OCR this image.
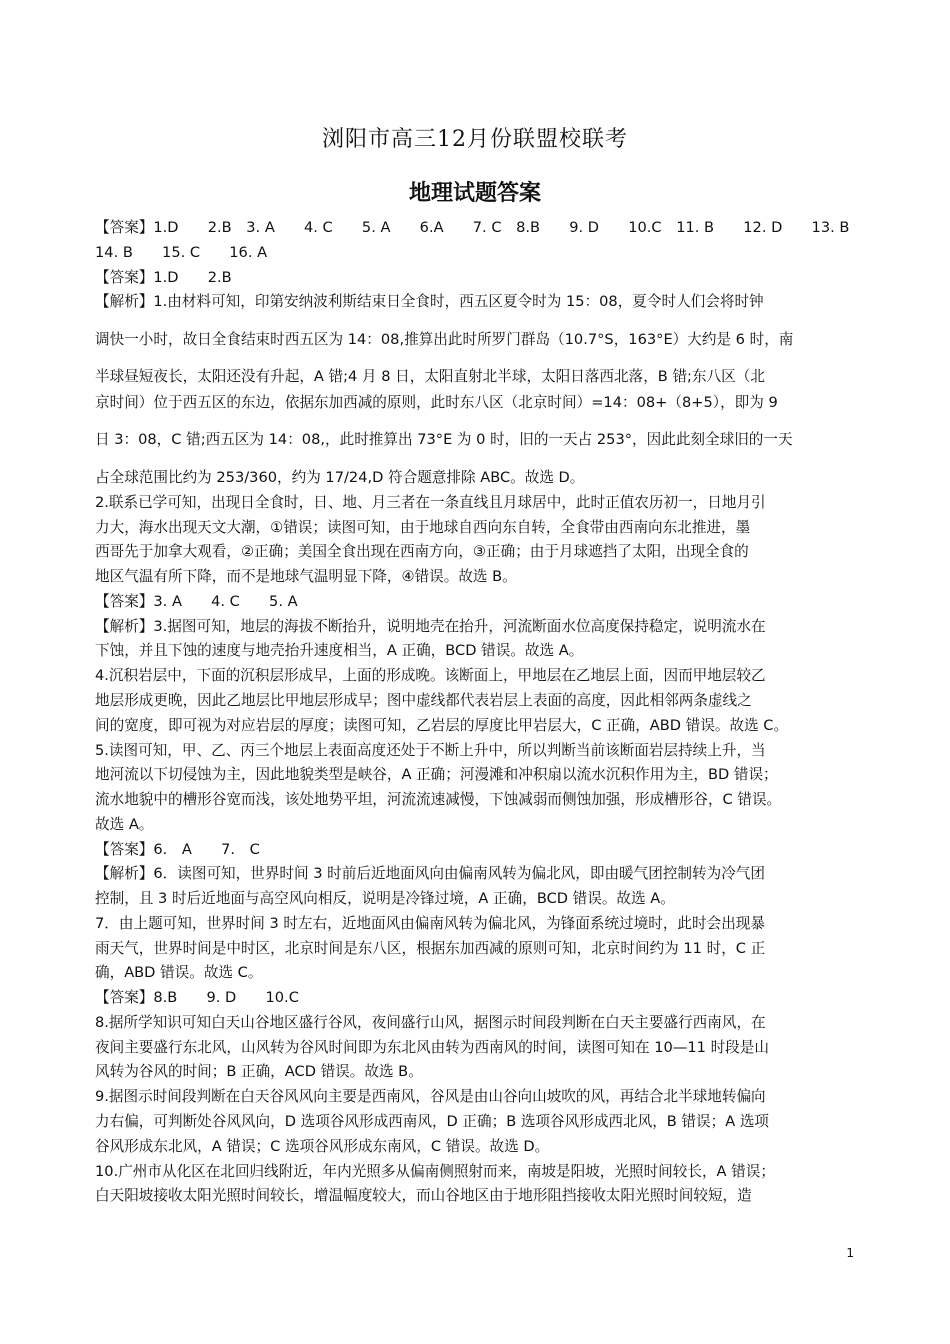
浏阳市高三12月份联盟校联考
地理试题答案
【答案】1.D　　2.B　3. A　　4. C　　5. A　　6.A　　7. C　8.B　　9. D　　10.C　11. B　　12. D　　13. B
14. B　　15. C　　16. A
【答案】1.D　　2.B
【解析】1.由材料可知，印第安纳波利斯结束日全食时，西五区夏令时为 15：08，夏令时人们会将时钟
调快一小时，故日全食结束时西五区为 14：08,推算出此时所罗门群岛（10.7°S，163°E）大约是 6 时，南
半球昼短夜长，太阳还没有升起，A 错;4 月 8 日，太阳直射北半球，太阳日落西北落，B 错;东八区（北
京时间）位于西五区的东边，依据东加西减的原则，此时东八区（北京时间）=14：08+（8+5），即为 9
日 3：08，C 错;西五区为 14：08,，此时推算出 73°E 为 0 时，旧的一天占 253°，因此此刻全球旧的一天
占全球范围比约为 253/360，约为 17/24,D 符合题意排除 ABC。故选 D。
2.联系已学可知，出现日全食时，日、地、月三者在一条直线且月球居中，此时正值农历初一，日地月引
力大，海水出现天文大潮，①错误；读图可知，由于地球自西向东自转，全食带由西南向东北推进，墨
西哥先于加拿大观看，②正确；美国全食出现在西南方向，③正确；由于月球遮挡了太阳，出现全食的
地区气温有所下降，而不是地球气温明显下降，④错误。故选 B。
【答案】3. A　　4. C　　5. A
【解析】3.据图可知，地层的海拔不断抬升，说明地壳在抬升，河流断面水位高度保持稳定，说明流水在
下蚀，并且下蚀的速度与地壳抬升速度相当，A 正确，BCD 错误。故选 A。
4.沉积岩层中，下面的沉积层形成早，上面的形成晚。该断面上，甲地层在乙地层上面，因而甲地层较乙
地层形成更晚，因此乙地层比甲地层形成早；图中虚线都代表岩层上表面的高度，因此相邻两条虚线之
间的宽度，即可视为对应岩层的厚度；读图可知，乙岩层的厚度比甲岩层大，C 正确，ABD 错误。故选 C。
5.读图可知，甲、乙、丙三个地层上表面高度还处于不断上升中，所以判断当前该断面岩层持续上升，当
地河流以下切侵蚀为主，因此地貌类型是峡谷，A 正确；河漫滩和冲积扇以流水沉积作用为主，BD 错误；
流水地貌中的槽形谷宽而浅，该处地势平坦，河流流速减慢，下蚀减弱而侧蚀加强，形成槽形谷，C 错误。
故选 A。
【答案】6.　A　　7.　C
【解析】6．读图可知，世界时间 3 时前后近地面风向由偏南风转为偏北风，即由暖气团控制转为冷气团
控制，且 3 时后近地面与高空风向相反，说明是冷锋过境，A 正确，BCD 错误。故选 A。
7．由上题可知，世界时间 3 时左右，近地面风由偏南风转为偏北风，为锋面系统过境时，此时会出现暴
雨天气，世界时间是中时区，北京时间是东八区，根据东加西减的原则可知，北京时间约为 11 时，C 正
确，ABD 错误。故选 C。
【答案】8.B　　9. D　　10.C
8.据所学知识可知白天山谷地区盛行谷风，夜间盛行山风，据图示时间段判断在白天主要盛行西南风，在
夜间主要盛行东北风，山风转为谷风时间即为东北风由转为西南风的时间，读图可知在 10—11 时段是山
风转为谷风的时间；B 正确，ACD 错误。故选 B。
9.据图示时间段判断在白天谷风风向主要是西南风，谷风是由山谷向山坡吹的风，再结合北半球地转偏向
力右偏，可判断处谷风风向，D 选项谷风形成西南风，D 正确；B 选项谷风形成西北风，B 错误；A 选项
谷风形成东北风，A 错误；C 选项谷风形成东南风，C 错误。故选 D。
10.广州市从化区在北回归线附近，年内光照多从偏南侧照射而来，南坡是阳坡，光照时间较长，A 错误；
白天阳坡接收太阳光照时间较长，增温幅度较大，而山谷地区由于地形阻挡接收太阳光照时间较短，造
1
